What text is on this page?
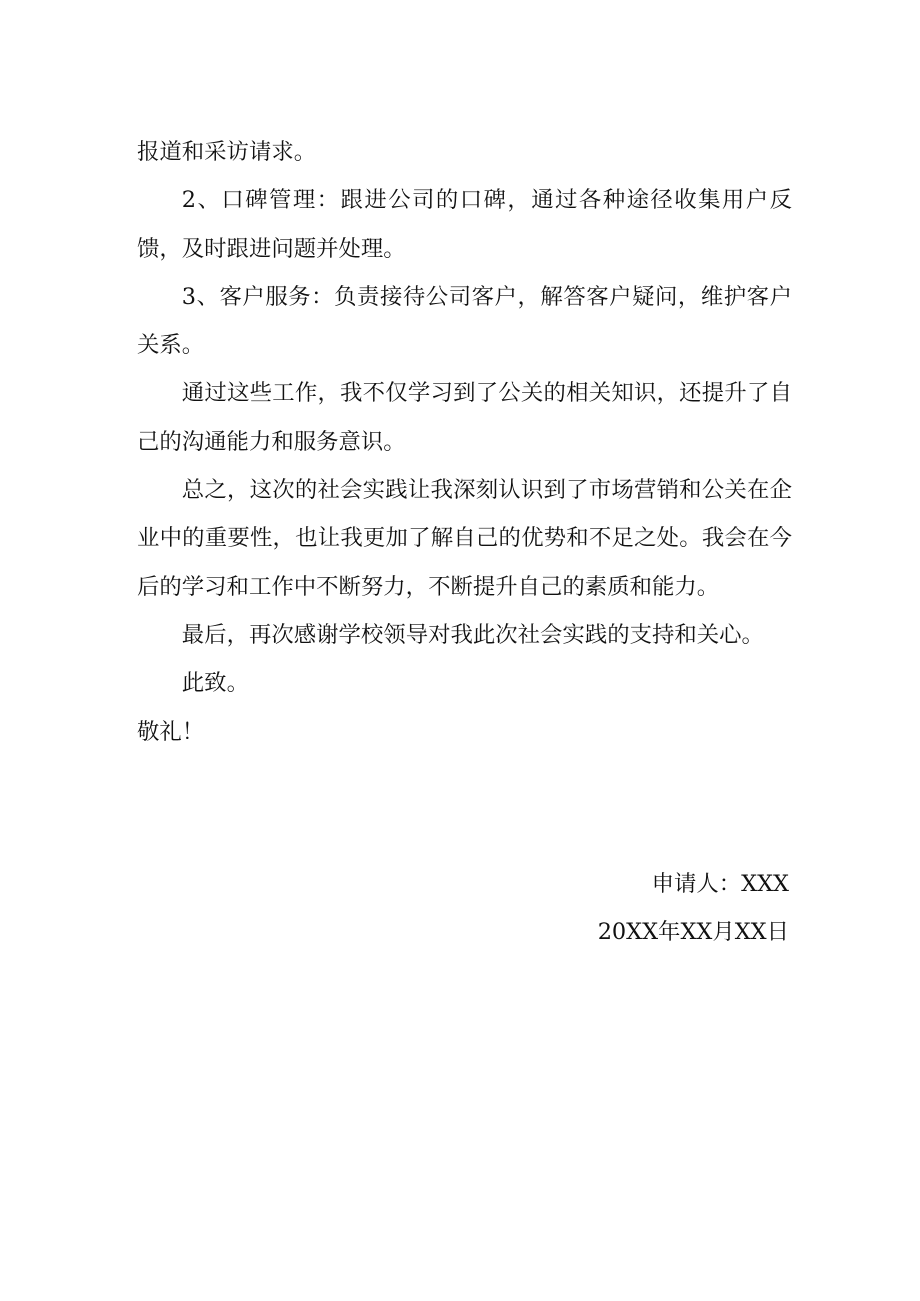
报道和采访请求。

2、口碑管理：跟进公司的口碑，通过各种途径收集用户反馈，及时跟进问题并处理。

3、客户服务：负责接待公司客户，解答客户疑问，维护客户关系。

通过这些工作，我不仅学习到了公关的相关知识，还提升了自己的沟通能力和服务意识。

总之，这次的社会实践让我深刻认识到了市场营销和公关在企业中的重要性，也让我更加了解自己的优势和不足之处。我会在今后的学习和工作中不断努力，不断提升自己的素质和能力。

最后，再次感谢学校领导对我此次社会实践的支持和关心。

此致。

敬礼！

申请人：XXX

20XX年XX月XX日
